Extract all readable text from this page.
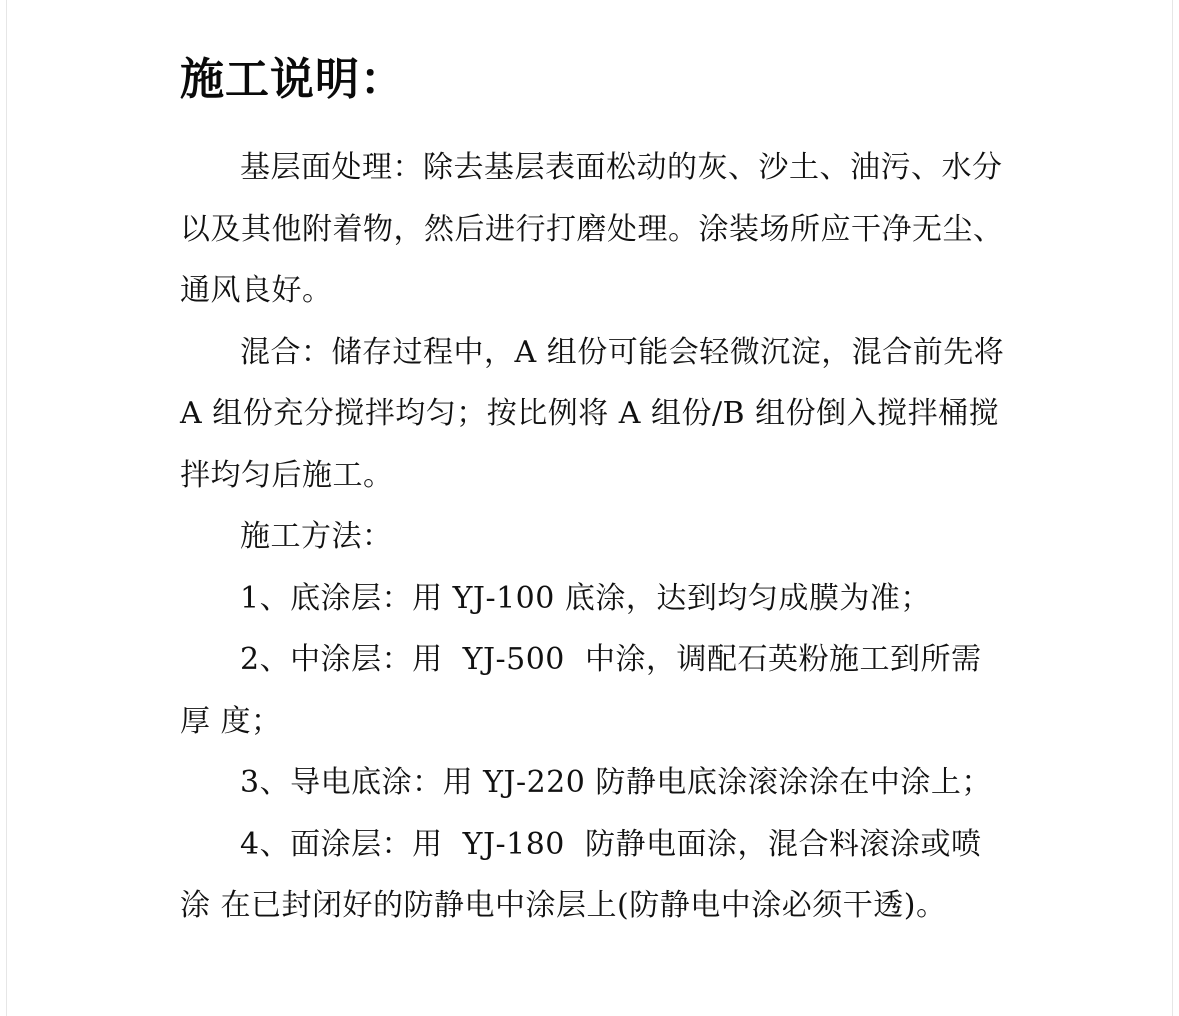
施工说明：

基层面处理：除去基层表面松动的灰、沙土、油污、水分以及其他附着物，然后进行打磨处理。涂装场所应干净无尘、通风良好。

混合：储存过程中，A 组份可能会轻微沉淀，混合前先将 A 组份充分搅拌均匀；按比例将 A 组份/B 组份倒入搅拌桶搅拌均匀后施工。

施工方法：

1、底涂层：用 YJ-100 底涂，达到均匀成膜为准；

2、中涂层：用  YJ-500  中涂，调配石英粉施工到所需厚 度；

3、导电底涂：用 YJ-220 防静电底涂滚涂涂在中涂上；

4、面涂层：用  YJ-180  防静电面涂，混合料滚涂或喷涂 在已封闭好的防静电中涂层上(防静电中涂必须干透)。
